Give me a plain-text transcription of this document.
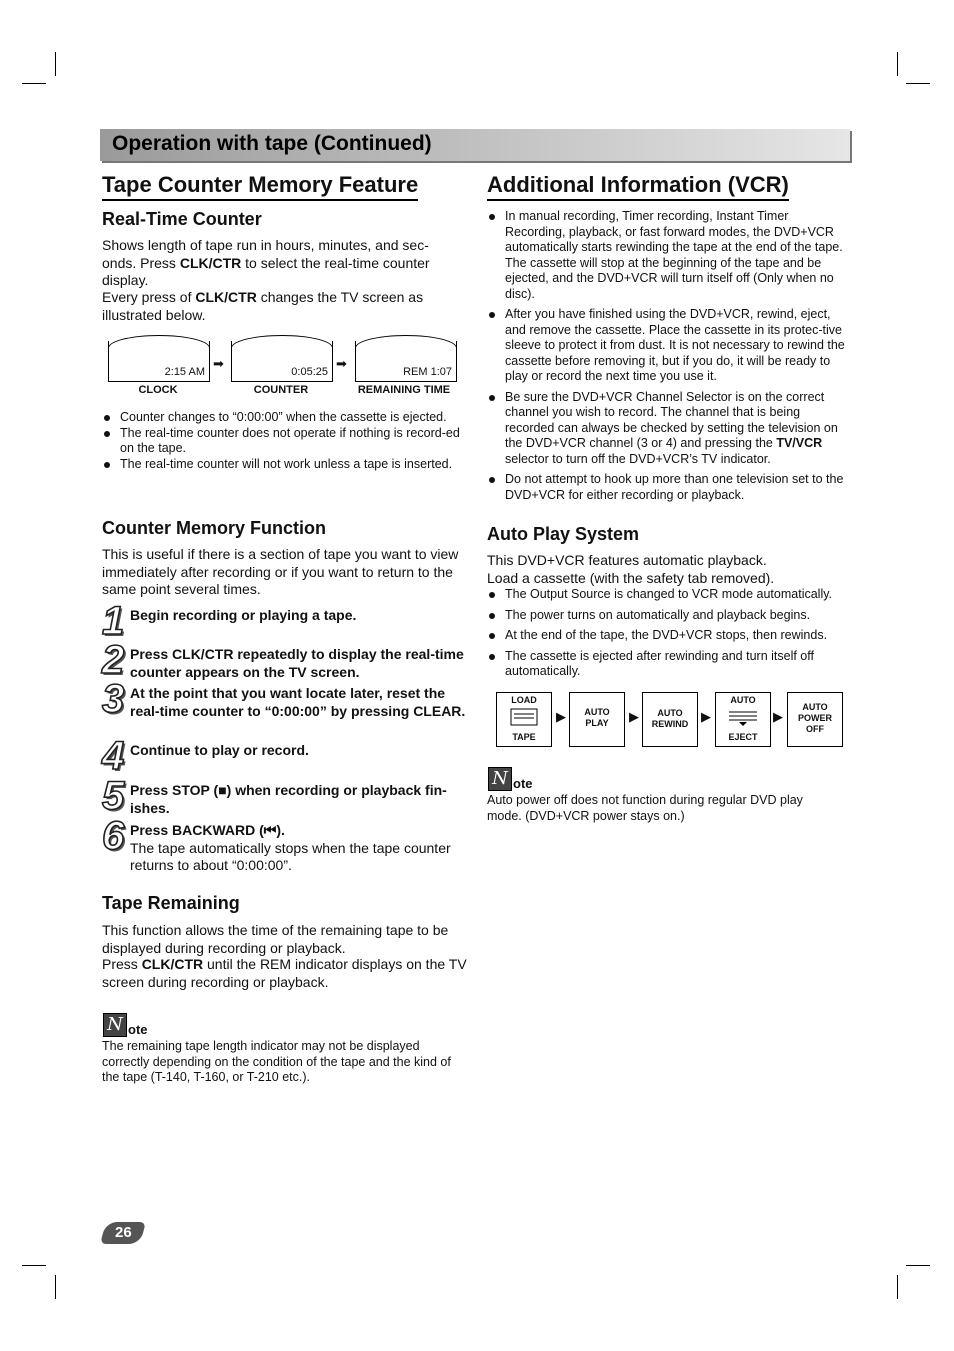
Operation with tape (Continued)
Tape Counter Memory Feature
Real-Time Counter

Shows length of tape run in hours, minutes, and sec-onds. Press CLK/CTR to select the real-time counter display.

Every press of CLK/CTR changes the TV screen as illustrated below.

2:15 AM
➡
0:05:25
➡
REM 1:07
CLOCK	COUNTER	REMAINING TIME
Counter changes to “0:00:00” when the cassette is ejected.
The real-time counter does not operate if nothing is record-ed on the tape.
The real-time counter will not work unless a tape is inserted.
Counter Memory Function

This is useful if there is a section of tape you want to view immediately after recording or if you want to return to the same point several times.

1 Begin recording or playing a tape.
2 Press CLK/CTR repeatedly to display the real-time counter appears on the TV screen.
3 At the point that you want locate later, reset the real-time counter to “0:00:00” by pressing CLEAR.
4 Continue to play or record.
5 Press STOP (■) when recording or playback fin-ishes.
6 Press BACKWARD (⏮).
The tape automatically stops when the tape counter returns to about “0:00:00”.
Tape Remaining

This function allows the time of the remaining tape to be displayed during recording or playback.

Press CLK/CTR until the REM indicator displays on the TV screen during recording or playback.

N ote

The remaining tape length indicator may not be displayed correctly depending on the condition of the tape and the kind of the tape (T-140, T-160, or T-210 etc.).

Additional Information (VCR)
In manual recording, Timer recording, Instant Timer Recording, playback, or fast forward modes, the DVD+VCR automatically starts rewinding the tape at the end of the tape. The cassette will stop at the beginning of the tape and be ejected, and the DVD+VCR will turn itself off (Only when no disc).
After you have finished using the DVD+VCR, rewind, eject, and remove the cassette. Place the cassette in its protec-tive sleeve to protect it from dust. It is not necessary to rewind the cassette before removing it, but if you do, it will be ready to play or record the next time you use it.
Be sure the DVD+VCR Channel Selector is on the correct channel you wish to record. The channel that is being recorded can always be checked by setting the television on the DVD+VCR channel (3 or 4) and pressing the TV/VCR selector to turn off the DVD+VCR’s TV indicator.
Do not attempt to hook up more than one television set to the DVD+VCR for either recording or playback.
Auto Play System

This DVD+VCR features automatic playback.

Load a cassette (with the safety tab removed).

The Output Source is changed to VCR mode automatically.
The power turns on automatically and playback begins.
At the end of the tape, the DVD+VCR stops, then rewinds.
The cassette is ejected after rewinding and turn itself off automatically.
LOAD
TAPE
▶	AUTO
PLAY	▶	AUTO
REWIND ▶
AUTO
EJECT
▶
AUTO
POWER
OFF
N ote

Auto power off does not function during regular DVD play mode. (DVD+VCR power stays on.)

26
